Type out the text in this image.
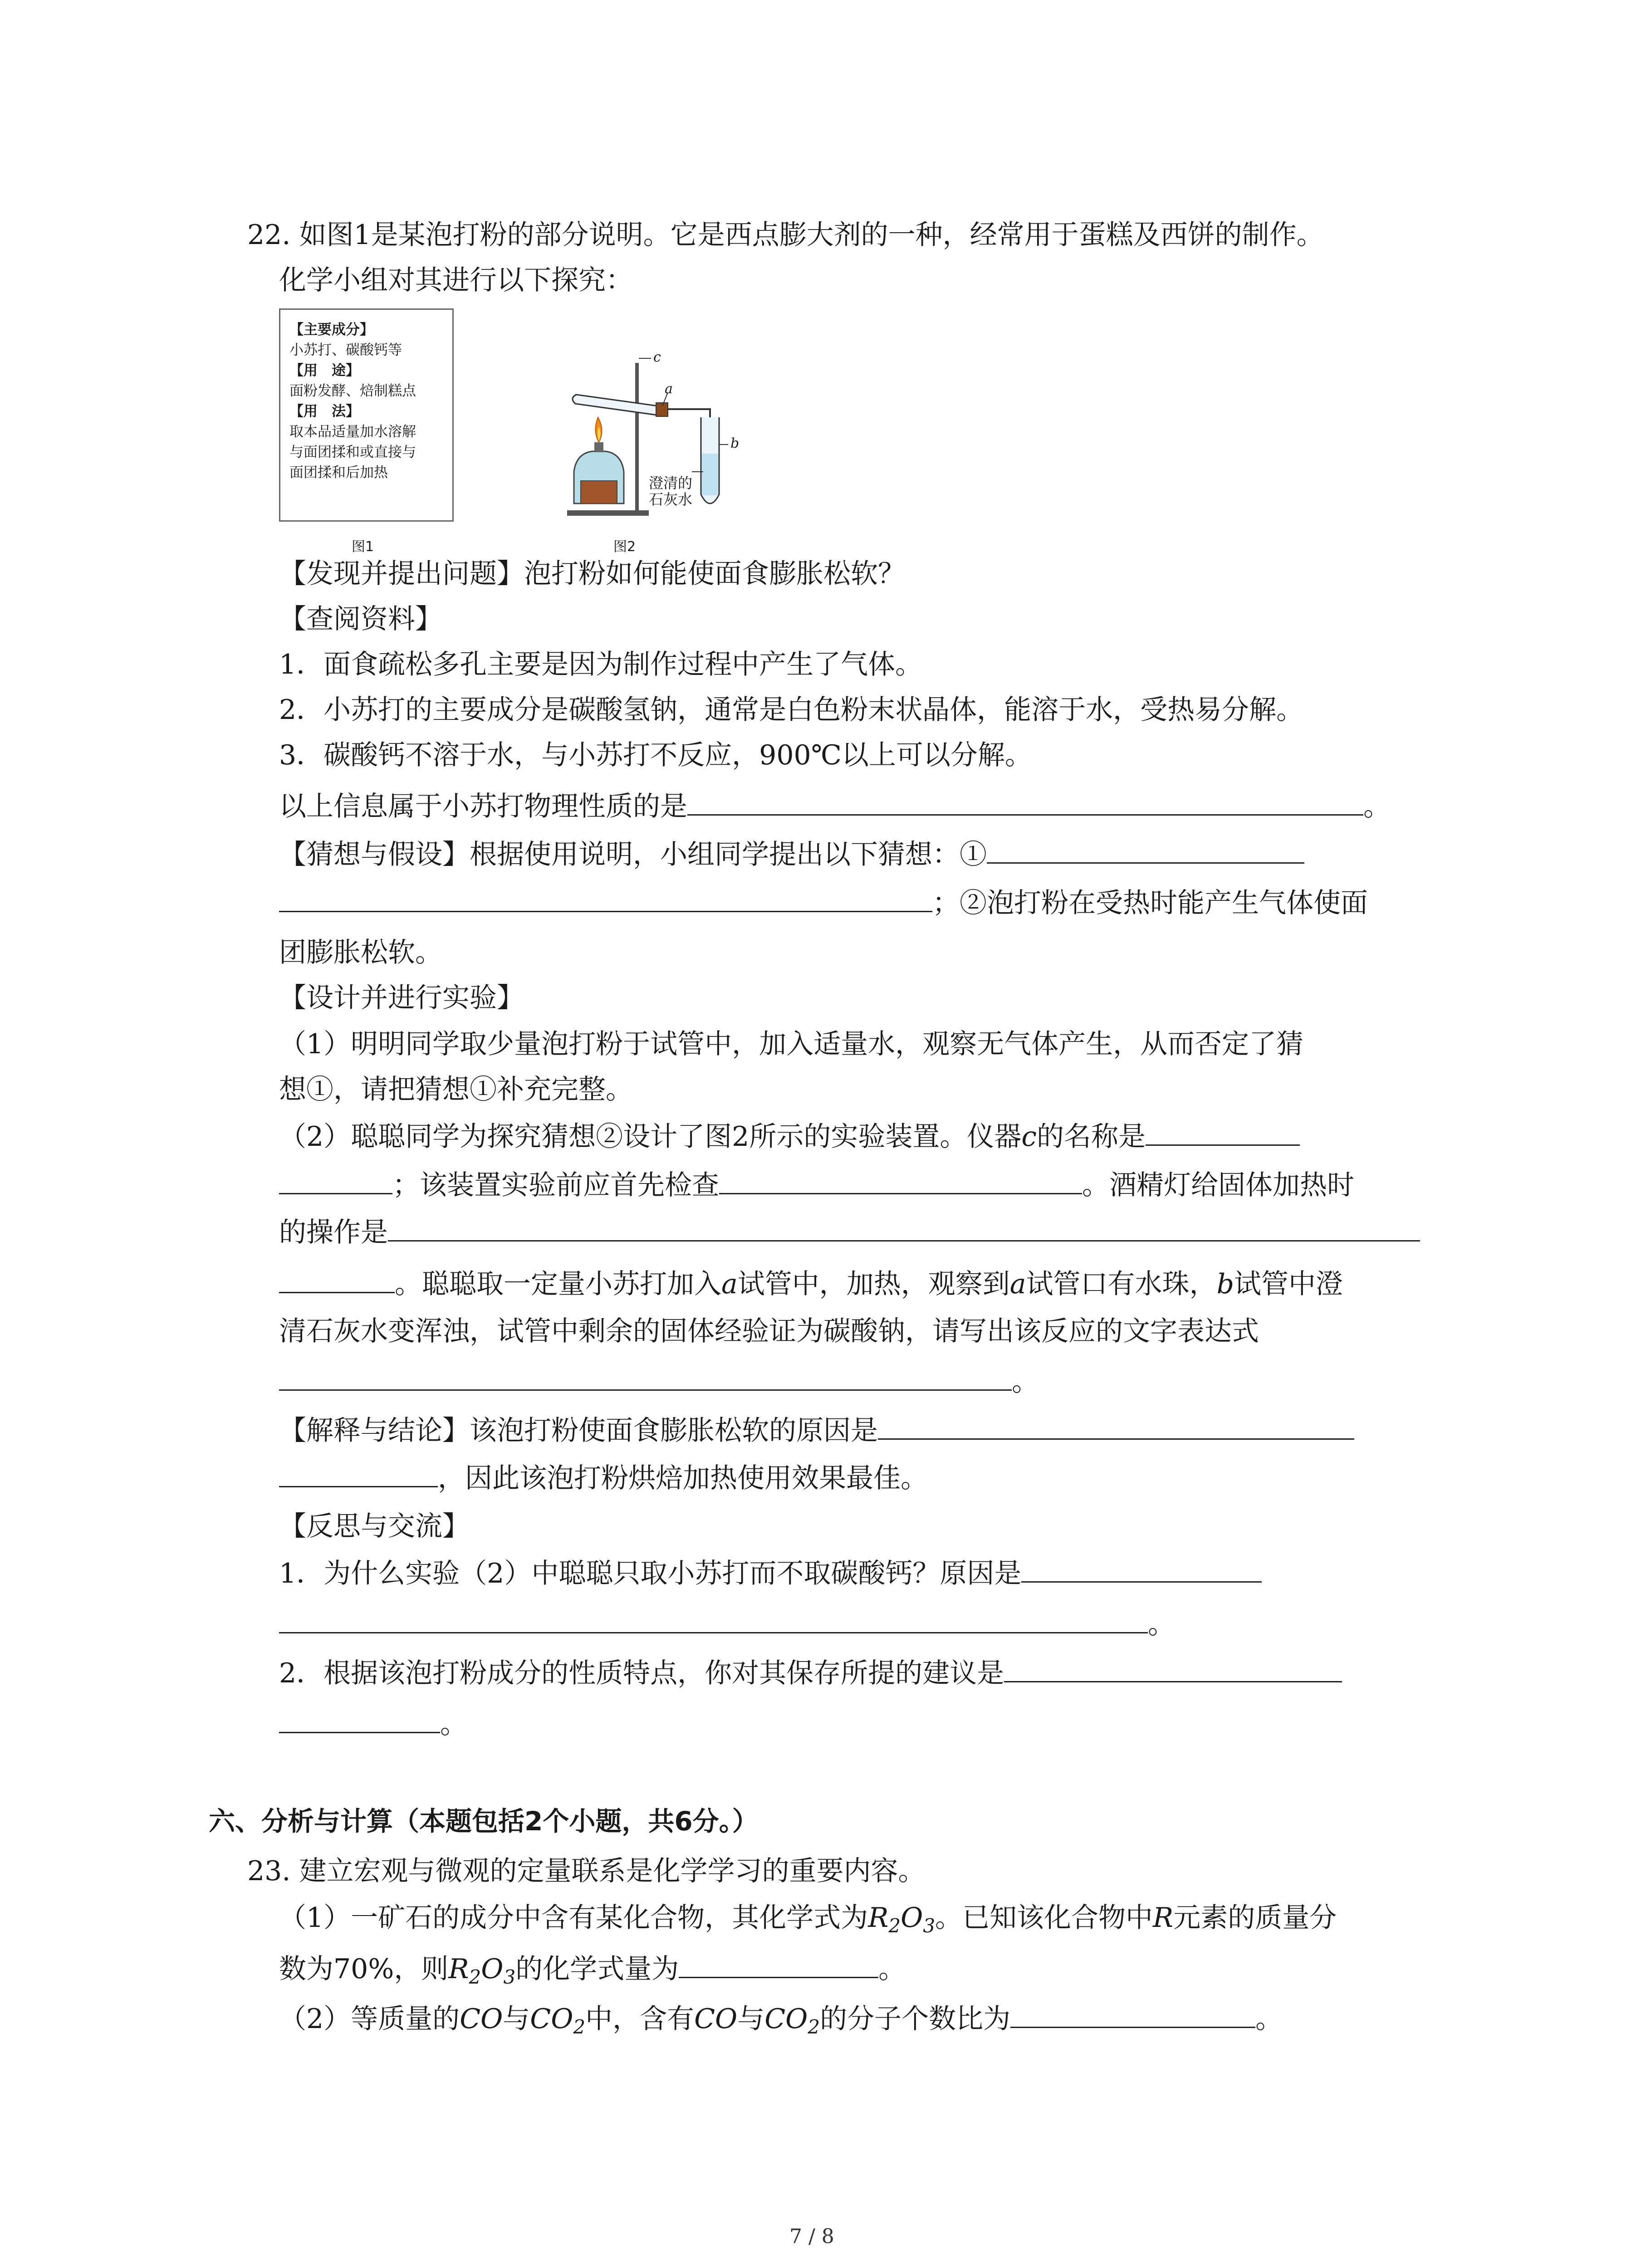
22. 如图1是某泡打粉的部分说明。它是西点膨大剂的一种，经常用于蛋糕及西饼的制作。
化学小组对其进行以下探究：
【主要成分】
小苏打、碳酸钙等
【用　途】
面粉发酵、焙制糕点
【用　法】
取本品适量加水溶解
与面团揉和或直接与
面团揉和后加热
图1
c
a
b
澄清的
石灰水
图2
【发现并提出问题】泡打粉如何能使面食膨胀松软？
【查阅资料】
1．面食疏松多孔主要是因为制作过程中产生了气体。
2．小苏打的主要成分是碳酸氢钠，通常是白色粉末状晶体，能溶于水，受热易分解。
3．碳酸钙不溶于水，与小苏打不反应，900℃以上可以分解。
以上信息属于小苏打物理性质的是	。
【猜想与假设】根据使用说明，小组同学提出以下猜想：①
；②泡打粉在受热时能产生气体使面
团膨胀松软。
【设计并进行实验】
（1）明明同学取少量泡打粉于试管中，加入适量水，观察无气体产生，从而否定了猜
想①，请把猜想①补充完整。
（2）聪聪同学为探究猜想②设计了图2所示的实验装置。仪器c的名称是
；该装置实验前应首先检查	。酒精灯给固体加热时
的操作是
。聪聪取一定量小苏打加入a试管中，加热，观察到a试管口有水珠，b试管中澄
清石灰水变浑浊，试管中剩余的固体经验证为碳酸钠，请写出该反应的文字表达式
。
【解释与结论】该泡打粉使面食膨胀松软的原因是
，因此该泡打粉烘焙加热使用效果最佳。
【反思与交流】
1．为什么实验（2）中聪聪只取小苏打而不取碳酸钙？原因是
。
2．根据该泡打粉成分的性质特点，你对其保存所提的建议是
。
六、分析与计算（本题包括2个小题，共6分。）
23. 建立宏观与微观的定量联系是化学学习的重要内容。
（1）一矿石的成分中含有某化合物，其化学式为$R_2O_3$。已知该化合物中R元素的质量分
数为70%，则$R_2O_3$的化学式量为	。
（2）等质量的CO与$CO_2$中，含有CO与$CO_2$的分子个数比为	。
7 / 8
